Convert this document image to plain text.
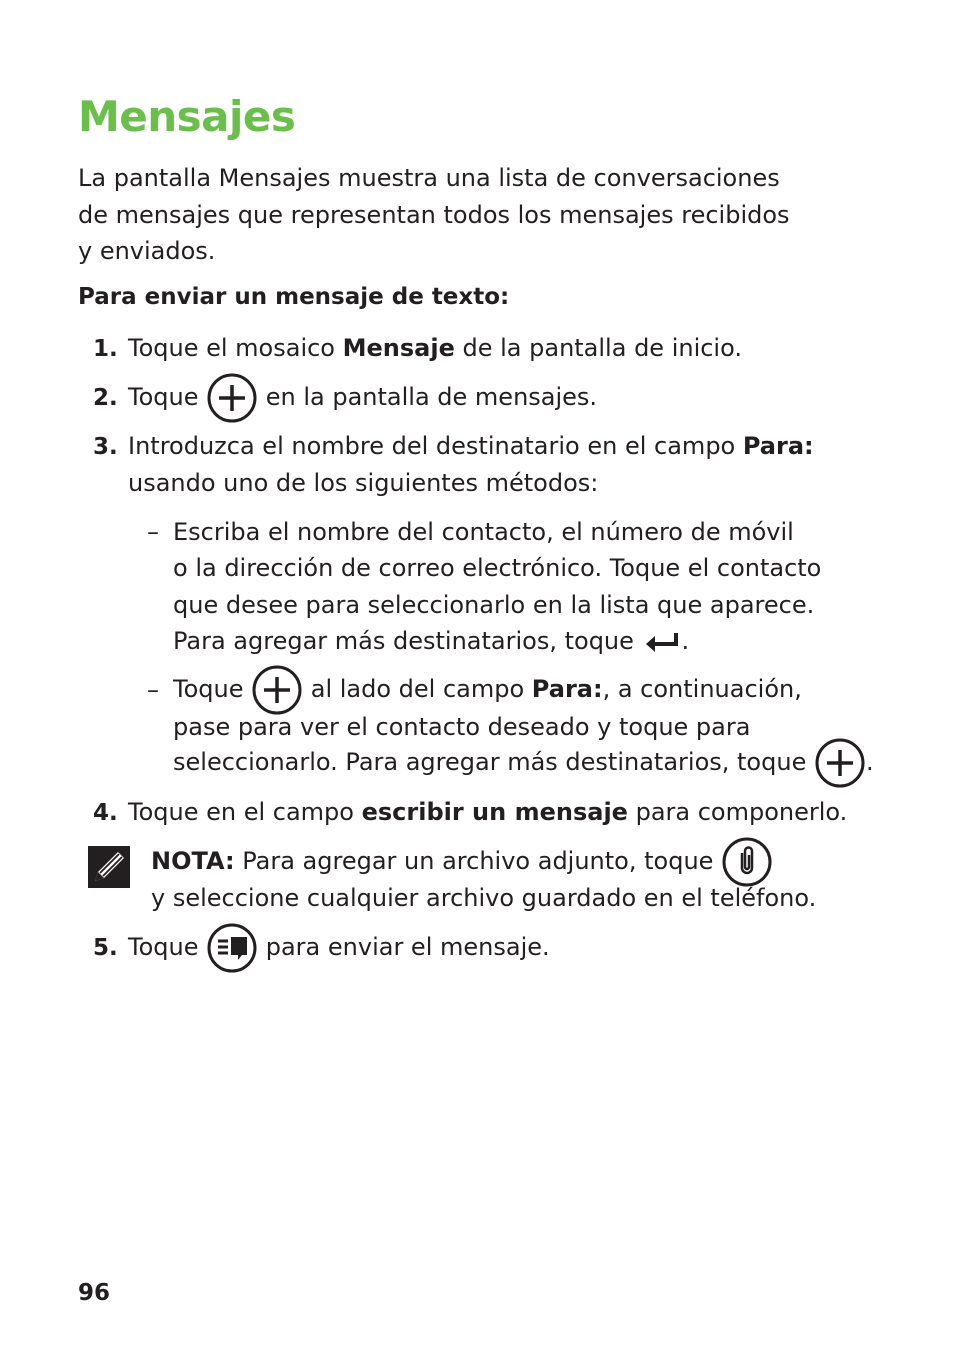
Mensajes

La pantalla Mensajes muestra una lista de conversaciones
de mensajes que representan todos los mensajes recibidos
y enviados.

Para enviar un mensaje de texto:

1. Toque el mosaico Mensaje de la pantalla de inicio.
2. Toque
en la pantalla de mensajes.
3. Introduzca el nombre del destinatario en el campo Para:
usando uno de los siguientes métodos:
– Escriba el nombre del contacto, el número de móvil
o la dirección de correo electrónico. Toque el contacto
que desee para seleccionarlo en la lista que aparece.
Para agregar más destinatarios, toque
.
– Toque
al lado del campo Para:, a continuación,
pase para ver el contacto deseado y toque para
seleccionarlo. Para agregar más destinatarios, toque
.
4. Toque en el campo escribir un mensaje para componerlo.
NOTA: Para agregar un archivo adjunto, toque
y seleccione cualquier archivo guardado en el teléfono.
5. Toque
para enviar el mensaje.
96
